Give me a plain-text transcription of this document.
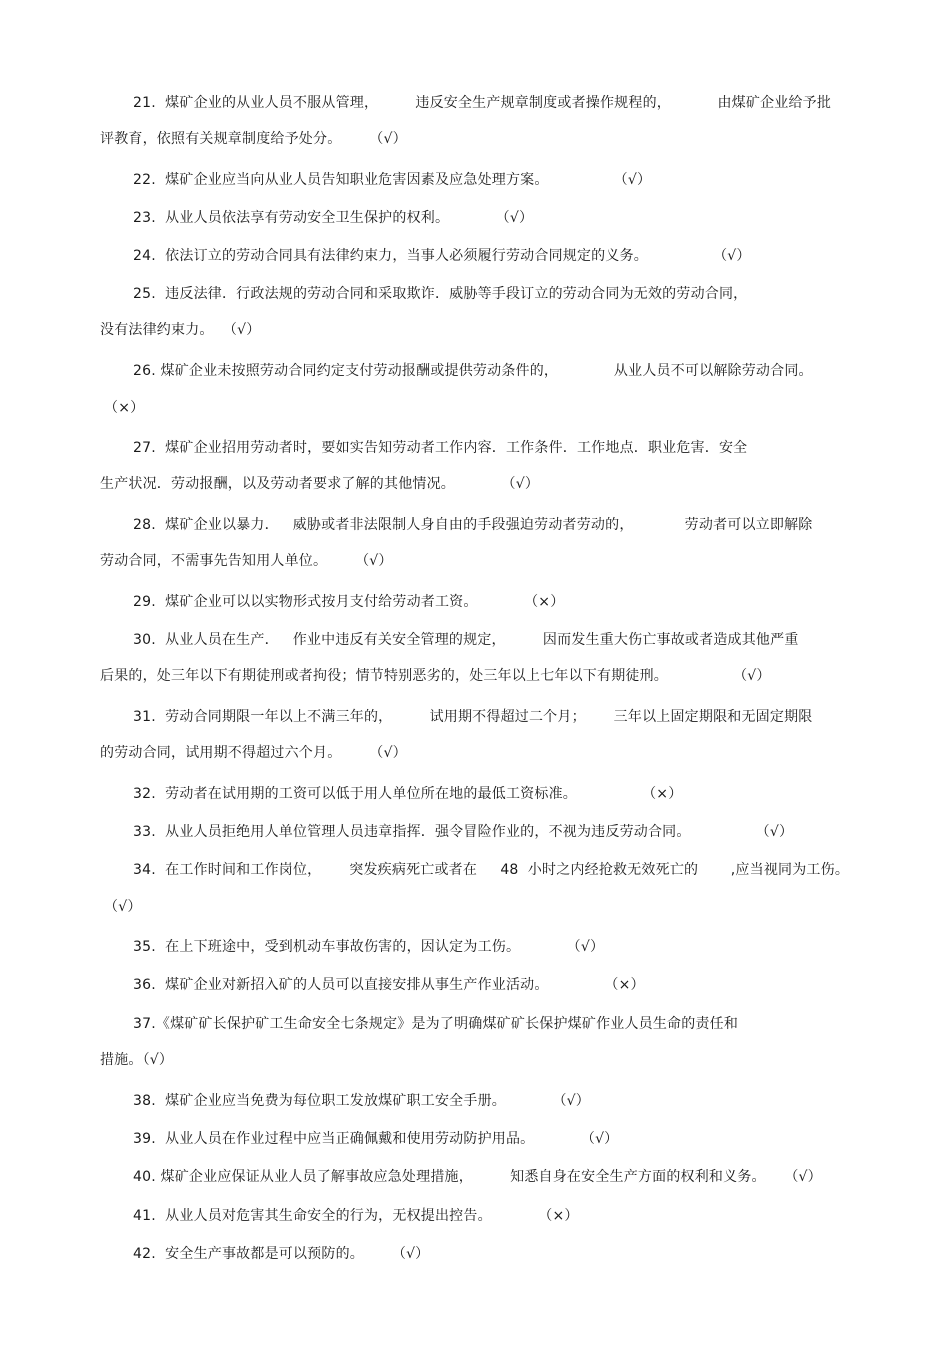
21.  煤矿企业的从业人员不服从管理，        违反安全生产规章制度或者操作规程的，          由煤矿企业给予批
评教育，依照有关规章制度给予处分。      （√）
22.  煤矿企业应当向从业人员告知职业危害因素及应急处理方案。              （√）
23.  从业人员依法享有劳动安全卫生保护的权利。          （√）
24.  依法订立的劳动合同具有法律约束力，当事人必须履行劳动合同规定的义务。              （√）
25.  违反法律．行政法规的劳动合同和采取欺诈．威胁等手段订立的劳动合同为无效的劳动合同，
没有法律约束力。  （√）
26. 煤矿企业未按照劳动合同约定支付劳动报酬或提供劳动条件的，            从业人员不可以解除劳动合同。
（×）
27.  煤矿企业招用劳动者时，要如实告知劳动者工作内容．工作条件．工作地点．职业危害．安全
生产状况．劳动报酬，以及劳动者要求了解的其他情况。          （√）
28.  煤矿企业以暴力．   威胁或者非法限制人身自由的手段强迫劳动者劳动的，           劳动者可以立即解除
劳动合同，不需事先告知用人单位。      （√）
29.  煤矿企业可以以实物形式按月支付给劳动者工资。          （×）
30.  从业人员在生产．   作业中违反有关安全管理的规定，        因而发生重大伤亡事故或者造成其他严重
后果的，处三年以下有期徒刑或者拘役；情节特别恶劣的，处三年以上七年以下有期徒刑。              （√）
31.  劳动合同期限一年以上不满三年的，        试用期不得超过二个月；      三年以上固定期限和无固定期限
的劳动合同，试用期不得超过六个月。      （√）
32.  劳动者在试用期的工资可以低于用人单位所在地的最低工资标准。              （×）
33.  从业人员拒绝用人单位管理人员违章指挥．强令冒险作业的，不视为违反劳动合同。              （√）
34.  在工作时间和工作岗位，      突发疾病死亡或者在     48  小时之内经抢救无效死亡的       ,应当视同为工伤。
（√）
35.  在上下班途中，受到机动车事故伤害的，因认定为工伤。          （√）
36.  煤矿企业对新招入矿的人员可以直接安排从事生产作业活动。            （×）
37.《煤矿矿长保护矿工生命安全七条规定》是为了明确煤矿矿长保护煤矿作业人员生命的责任和
措施。（√）
38.  煤矿企业应当免费为每位职工发放煤矿职工安全手册。          （√）
39.  从业人员在作业过程中应当正确佩戴和使用劳动防护用品。          （√）
40. 煤矿企业应保证从业人员了解事故应急处理措施，        知悉自身在安全生产方面的权利和义务。    （√）
41.  从业人员对危害其生命安全的行为，无权提出控告。          （×）
42.  安全生产事故都是可以预防的。      （√）
